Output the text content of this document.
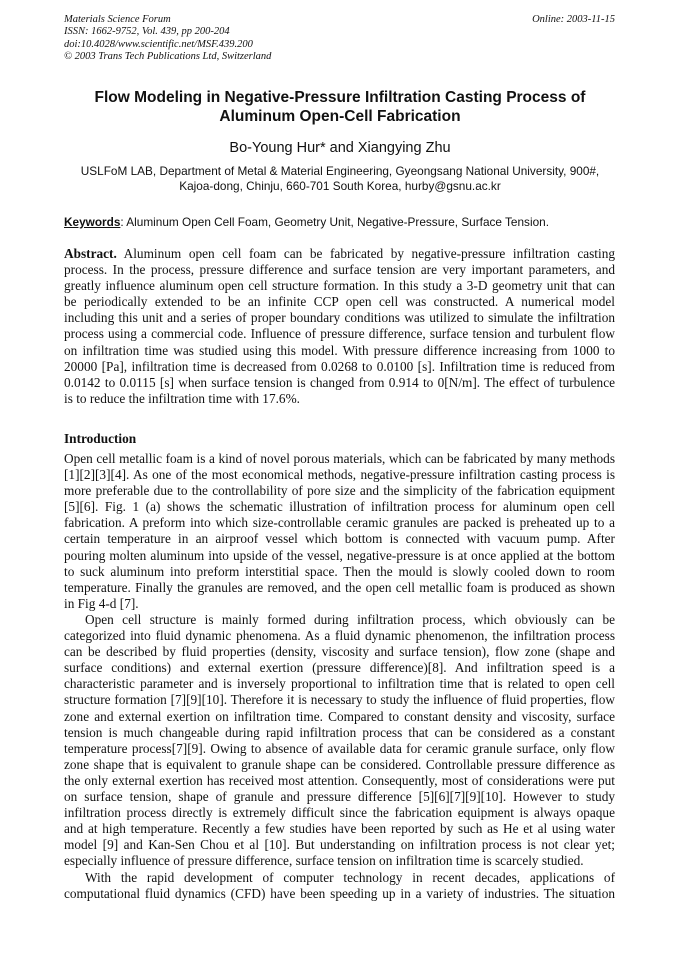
Materials Science Forum
ISSN: 1662-9752, Vol. 439, pp 200-204
doi:10.4028/www.scientific.net/MSF.439.200
© 2003 Trans Tech Publications Ltd, Switzerland
Online: 2003-11-15
Flow Modeling in Negative-Pressure Infiltration Casting Process of
Aluminum Open-Cell Fabrication
Bo-Young Hur* and Xiangying Zhu
USLFoM LAB, Department of Metal & Material Engineering, Gyeongsang National University, 900#,
Kajoa-dong, Chinju, 660-701 South Korea, hurby@gsnu.ac.kr
Keywords: Aluminum Open Cell Foam, Geometry Unit, Negative-Pressure, Surface Tension.
Abstract. Aluminum open cell foam can be fabricated by negative-pressure infiltration casting
process. In the process, pressure difference and surface tension are very important parameters, and
greatly influence aluminum open cell structure formation. In this study a 3-D geometry unit that can
be periodically extended to be an infinite CCP open cell was constructed. A numerical model
including this unit and a series of proper boundary conditions was utilized to simulate the infiltration
process using a commercial code. Influence of pressure difference, surface tension and turbulent flow
on infiltration time was studied using this model. With pressure difference increasing from 1000 to
20000 [Pa], infiltration time is decreased from 0.0268 to 0.0100 [s]. Infiltration time is reduced from
0.0142 to 0.0115 [s] when surface tension is changed from 0.914 to 0[N/m]. The effect of turbulence
is to reduce the infiltration time with 17.6%.
Introduction
Open cell metallic foam is a kind of novel porous materials, which can be fabricated by many methods
[1][2][3][4]. As one of the most economical methods, negative-pressure infiltration casting process is
more preferable due to the controllability of pore size and the simplicity of the fabrication equipment
[5][6]. Fig. 1 (a) shows the schematic illustration of infiltration process for aluminum open cell
fabrication. A preform into which size-controllable ceramic granules are packed is preheated up to a
certain temperature in an airproof vessel which bottom is connected with vacuum pump. After
pouring molten aluminum into upside of the vessel, negative-pressure is at once applied at the bottom
to suck aluminum into preform interstitial space. Then the mould is slowly cooled down to room
temperature. Finally the granules are removed, and the open cell metallic foam is produced as shown
in Fig 4-d [7].
Open cell structure is mainly formed during infiltration process, which obviously can be
categorized into fluid dynamic phenomena. As a fluid dynamic phenomenon, the infiltration process
can be described by fluid properties (density, viscosity and surface tension), flow zone (shape and
surface conditions) and external exertion (pressure difference)[8]. And infiltration speed is a
characteristic parameter and is inversely proportional to infiltration time that is related to open cell
structure formation [7][9][10]. Therefore it is necessary to study the influence of fluid properties, flow
zone and external exertion on infiltration time. Compared to constant density and viscosity, surface
tension is much changeable during rapid infiltration process that can be considered as a constant
temperature process[7][9]. Owing to absence of available data for ceramic granule surface, only flow
zone shape that is equivalent to granule shape can be considered. Controllable pressure difference as
the only external exertion has received most attention. Consequently, most of considerations were put
on surface tension, shape of granule and pressure difference [5][6][7][9][10]. However to study
infiltration process directly is extremely difficult since the fabrication equipment is always opaque
and at high temperature. Recently a few studies have been reported by such as He et al using water
model [9] and Kan-Sen Chou et al [10]. But understanding on infiltration process is not clear yet;
especially influence of pressure difference, surface tension on infiltration time is scarcely studied.
With the rapid development of computer technology in recent decades, applications of
computational fluid dynamics (CFD) have been speeding up in a variety of industries. The situation
